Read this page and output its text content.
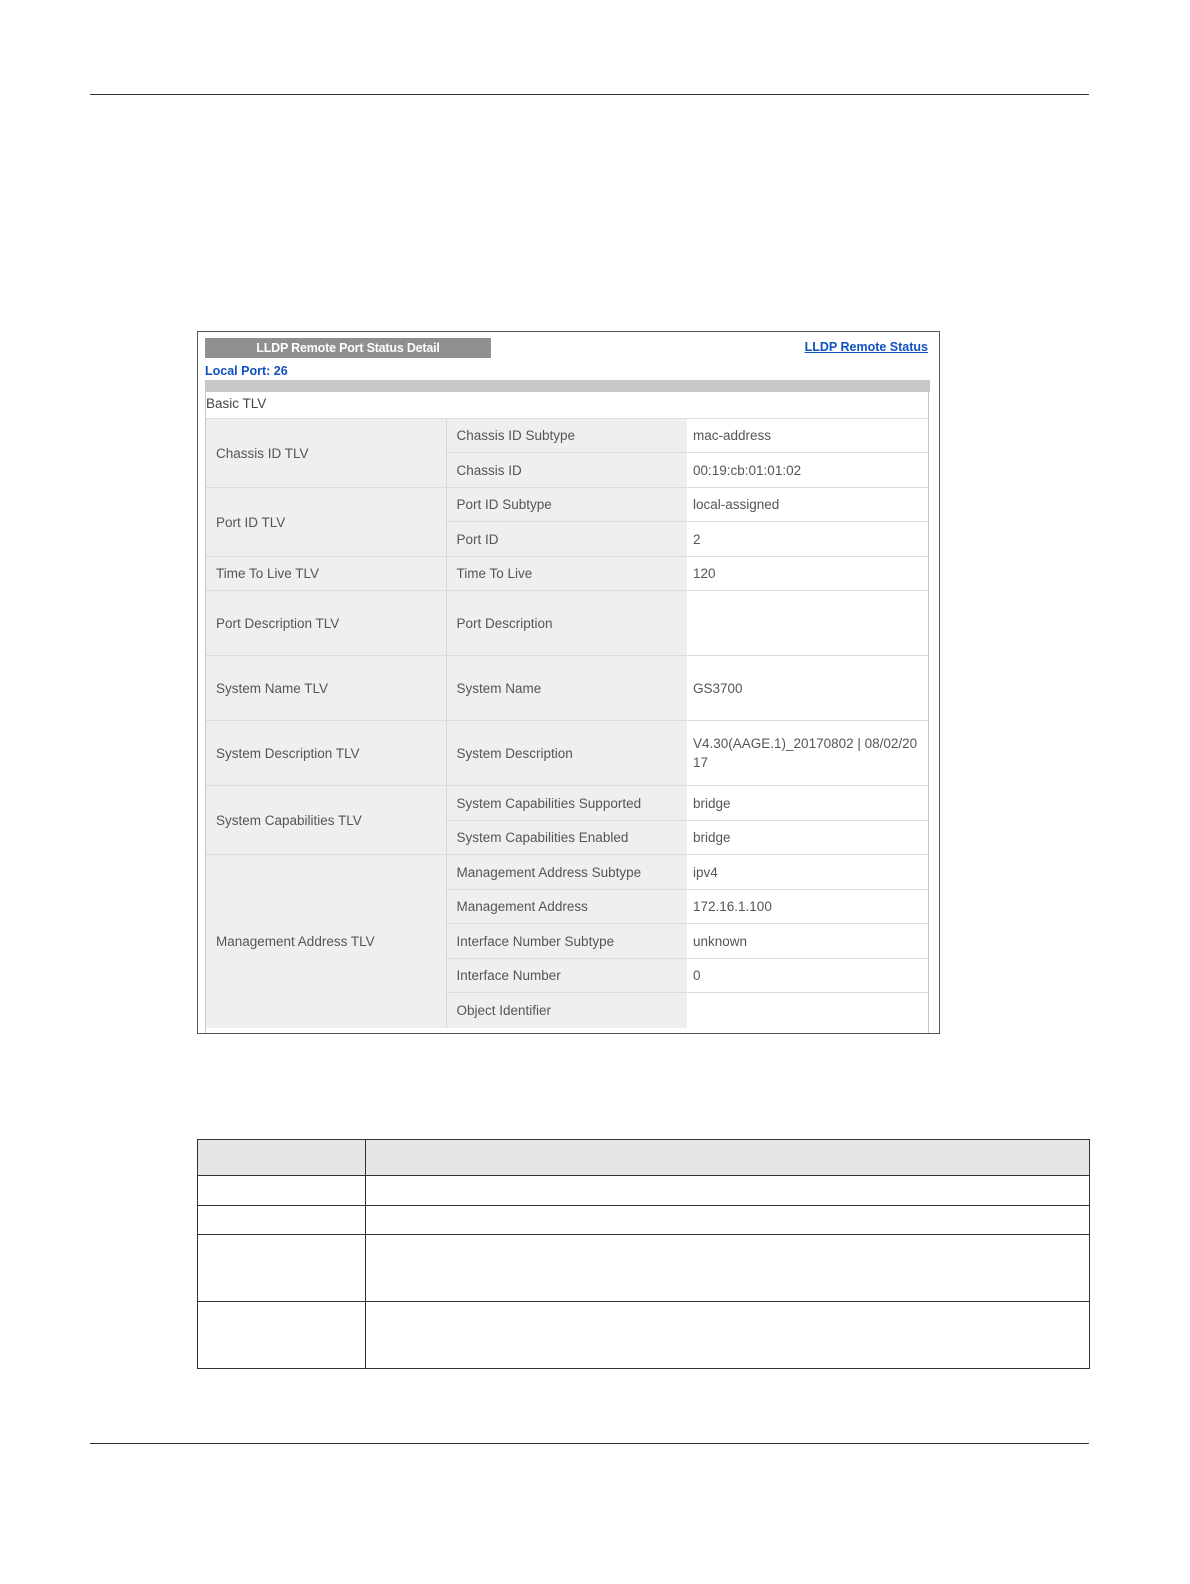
LLDP Remote Port Status Detail	LLDP Remote Status
Local Port: 26
Basic TLV
Chassis ID TLV	Chassis ID Subtype	mac-address
	Chassis ID	00:19:cb:01:01:02
Port ID TLV	Port ID Subtype	local-assigned
	Port ID	2
Time To Live TLV	Time To Live	120
Port Description TLV	Port Description	
System Name TLV	System Name	GS3700
System Description TLV	System Description	V4.30(AAGE.1)_20170802 | 08/02/20
17

System Capabilities TLV	System Capabilities Supported	bridge
	System Capabilities Enabled	bridge
Management Address TLV	Management Address Subtype	ipv4
	Management Address	172.16.1.100
	Interface Number Subtype	unknown
	Interface Number	0
	Object Identifier	
